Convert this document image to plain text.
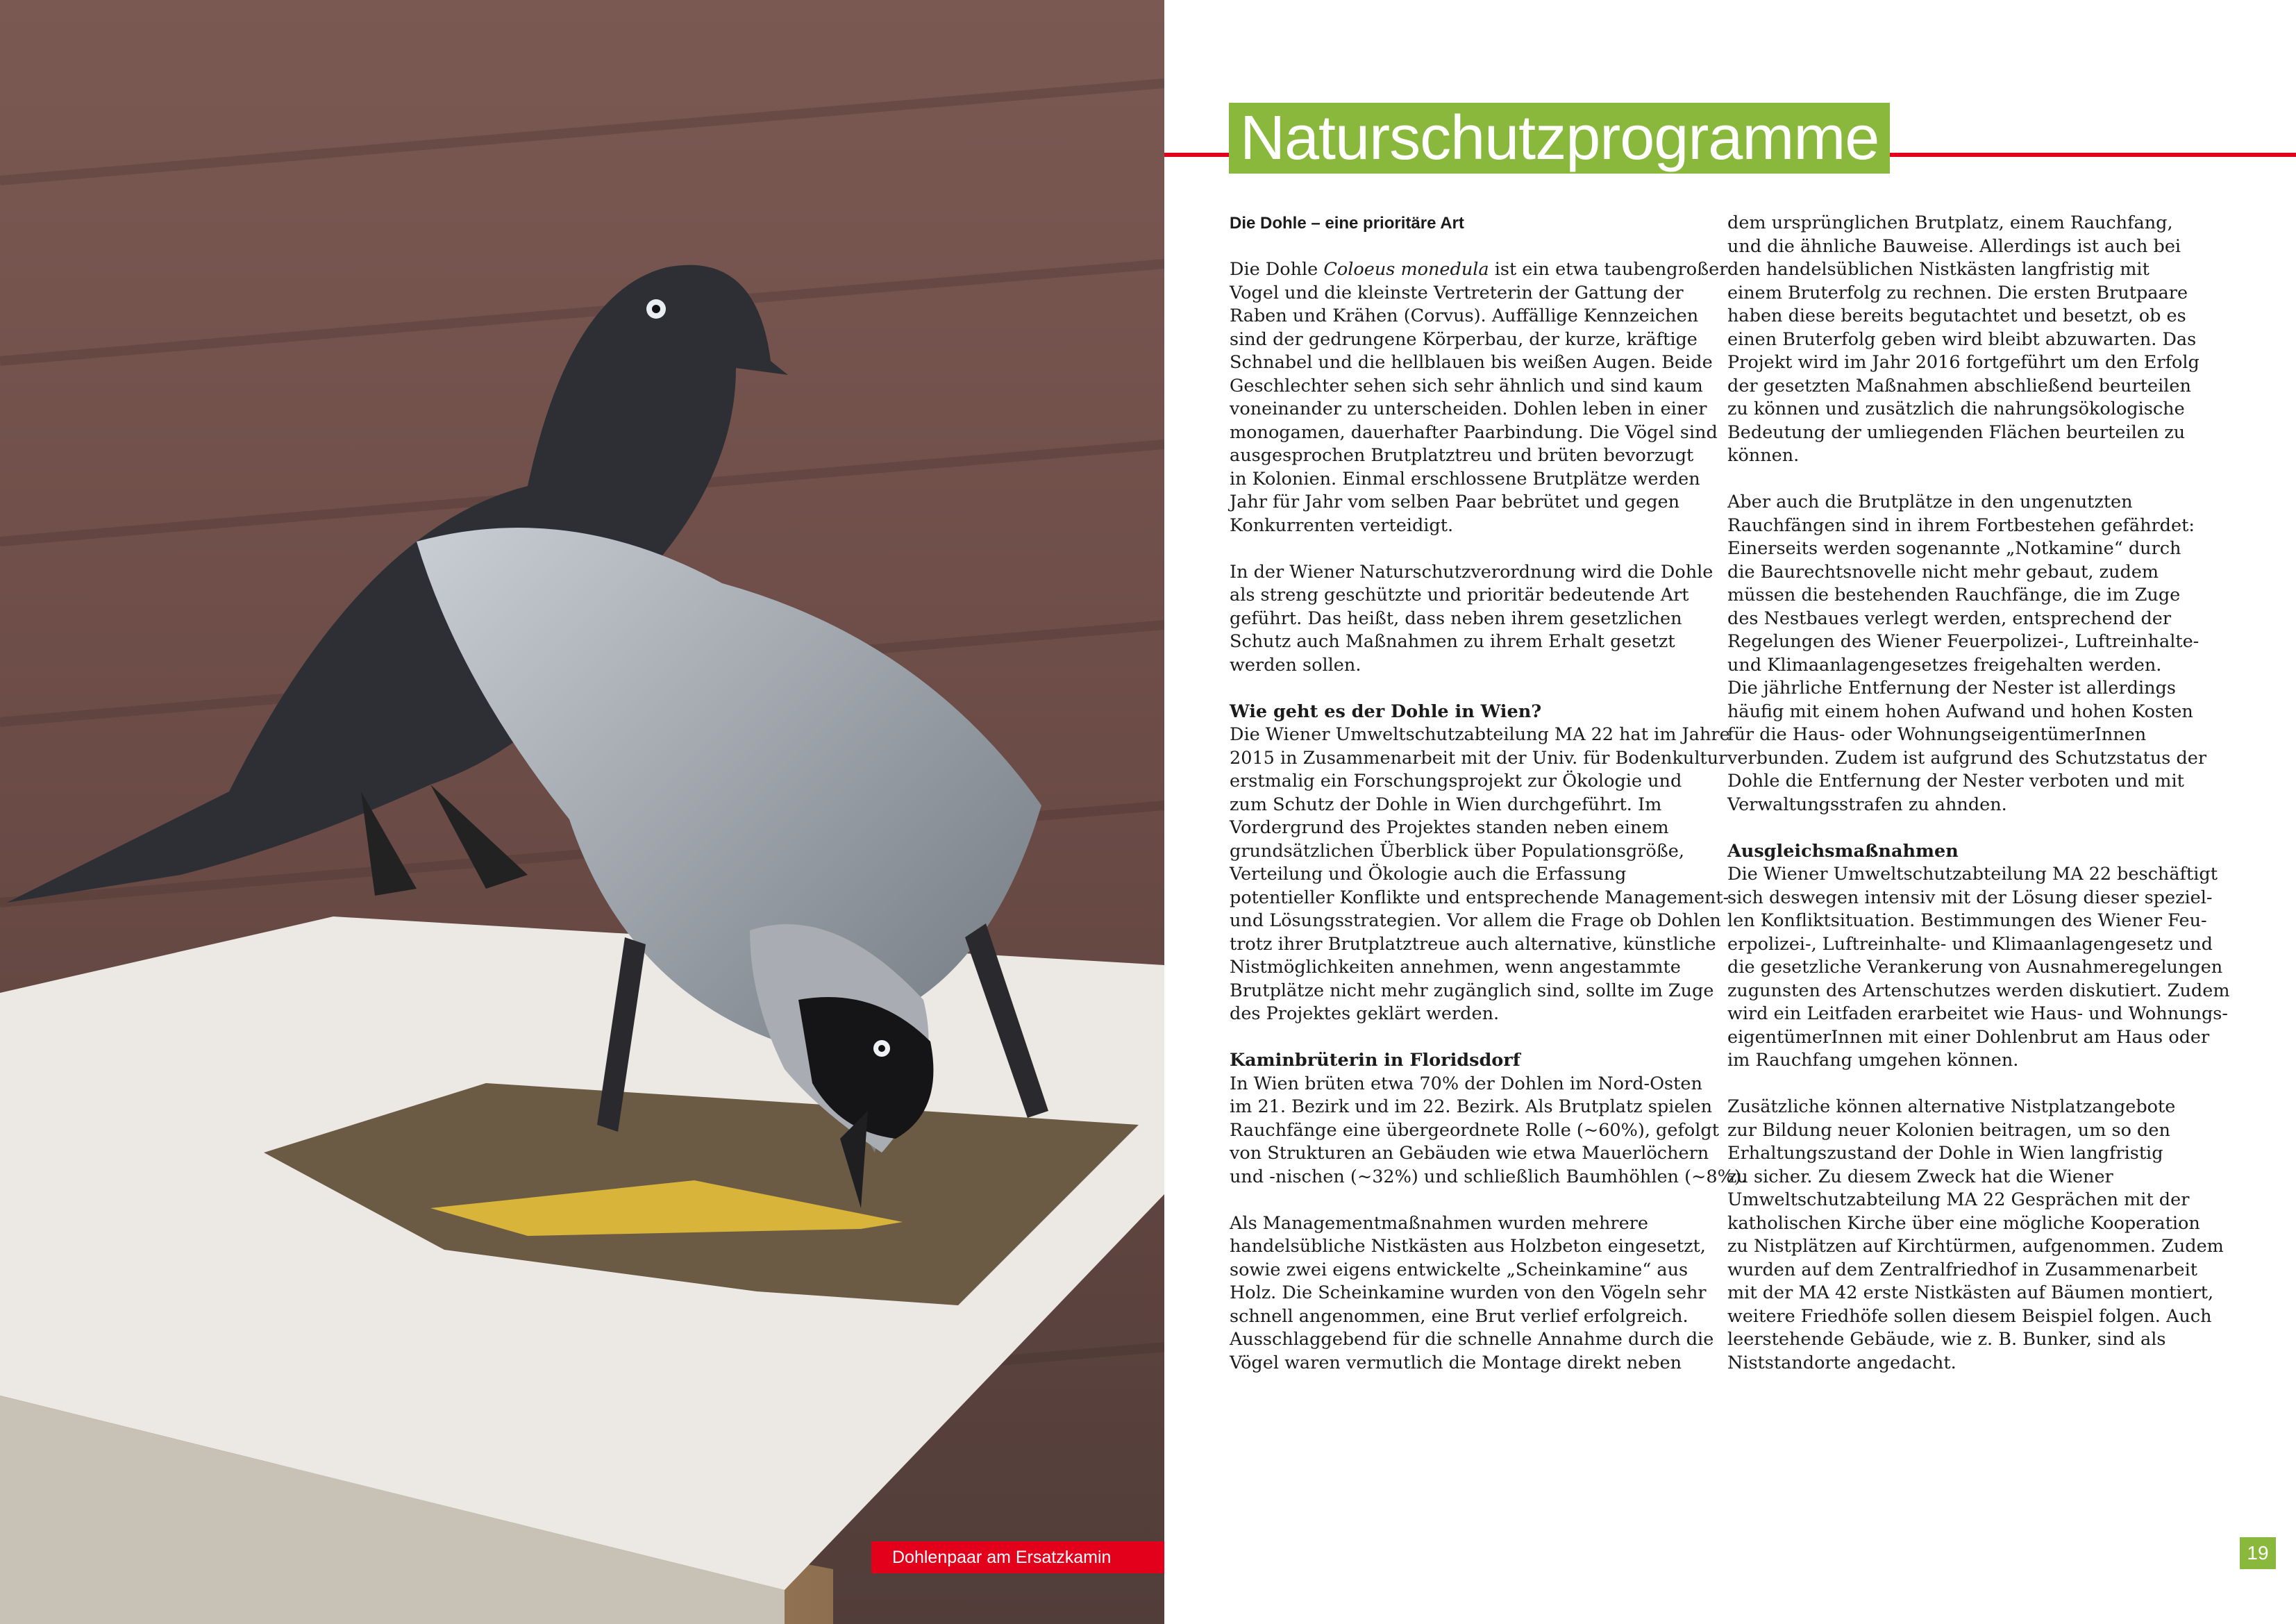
Dohlenpaar am Ersatzkamin
Naturschutzprogramme
Die Dohle – eine prioritäre Art

Die Dohle Coloeus monedula ist ein etwa taubengroßer
Vogel und die kleinste Vertreterin der Gattung der
Raben und Krähen (Corvus). Auffällige Kennzeichen
sind der gedrungene Körperbau, der kurze, kräftige
Schnabel und die hellblauen bis weißen Augen. Beide
Geschlechter sehen sich sehr ähnlich und sind kaum
voneinander zu unterscheiden. Dohlen leben in einer
monogamen, dauerhafter Paarbindung. Die Vögel sind
ausgesprochen Brutplatztreu und brüten bevorzugt
in Kolonien. Einmal erschlossene Brutplätze werden
Jahr für Jahr vom selben Paar bebrütet und gegen
Konkurrenten verteidigt.

In der Wiener Naturschutzverordnung wird die Dohle
als streng geschützte und prioritär bedeutende Art
geführt. Das heißt, dass neben ihrem gesetzlichen
Schutz auch Maßnahmen zu ihrem Erhalt gesetzt
werden sollen.

Wie geht es der Dohle in Wien?

Die Wiener Umweltschutzabteilung MA 22 hat im Jahre
2015 in Zusammenarbeit mit der Univ. für Bodenkultur
erstmalig ein Forschungsprojekt zur Ökologie und
zum Schutz der Dohle in Wien durchgeführt. Im
Vordergrund des Projektes standen neben einem
grundsätzlichen Überblick über Populationsgröße,
Verteilung und Ökologie auch die Erfassung
potentieller Konflikte und entsprechende Management-
und Lösungsstrategien. Vor allem die Frage ob Dohlen
trotz ihrer Brutplatztreue auch alternative, künstliche
Nistmöglichkeiten annehmen, wenn angestammte
Brutplätze nicht mehr zugänglich sind, sollte im Zuge
des Projektes geklärt werden.

Kaminbrüterin in Floridsdorf

In Wien brüten etwa 70% der Dohlen im Nord-Osten
im 21. Bezirk und im 22. Bezirk. Als Brutplatz spielen
Rauchfänge eine übergeordnete Rolle (~60%), gefolgt
von Strukturen an Gebäuden wie etwa Mauerlöchern
und -nischen (~32%) und schließlich Baumhöhlen (~8%).

Als Managementmaßnahmen wurden mehrere
handelsübliche Nistkästen aus Holzbeton eingesetzt,
sowie zwei eigens entwickelte „Scheinkamine“ aus
Holz. Die Scheinkamine wurden von den Vögeln sehr
schnell angenommen, eine Brut verlief erfolgreich.
Ausschlaggebend für die schnelle Annahme durch die
Vögel waren vermutlich die Montage direkt neben

dem ursprünglichen Brutplatz, einem Rauchfang,
und die ähnliche Bauweise. Allerdings ist auch bei
den handelsüblichen Nistkästen langfristig mit
einem Bruterfolg zu rechnen. Die ersten Brutpaare
haben diese bereits begutachtet und besetzt, ob es
einen Bruterfolg geben wird bleibt abzuwarten. Das
Projekt wird im Jahr 2016 fortgeführt um den Erfolg
der gesetzten Maßnahmen abschließend beurteilen
zu können und zusätzlich die nahrungsökologische
Bedeutung der umliegenden Flächen beurteilen zu
können.

Aber auch die Brutplätze in den ungenutzten
Rauchfängen sind in ihrem Fortbestehen gefährdet:
Einerseits werden sogenannte „Notkamine“ durch
die Baurechtsnovelle nicht mehr gebaut, zudem
müssen die bestehenden Rauchfänge, die im Zuge
des Nestbaues verlegt werden, entsprechend der
Regelungen des Wiener Feuerpolizei-, Luftreinhalte-
und Klimaanlagengesetzes freigehalten werden.
Die jährliche Entfernung der Nester ist allerdings
häufig mit einem hohen Aufwand und hohen Kosten
für die Haus- oder WohnungseigentümerInnen
verbunden. Zudem ist aufgrund des Schutzstatus der
Dohle die Entfernung der Nester verboten und mit
Verwaltungsstrafen zu ahnden.

Ausgleichsmaßnahmen

Die Wiener Umweltschutzabteilung MA 22 beschäftigt
sich deswegen intensiv mit der Lösung dieser speziel-
len Konfliktsituation. Bestimmungen des Wiener Feu-
erpolizei-, Luftreinhalte- und Klimaanlagengesetz und
die gesetzliche Verankerung von Ausnahmeregelungen
zugunsten des Artenschutzes werden diskutiert. Zudem
wird ein Leitfaden erarbeitet wie Haus- und Wohnungs-
eigentümerInnen mit einer Dohlenbrut am Haus oder
im Rauchfang umgehen können.

Zusätzliche können alternative Nistplatzangebote
zur Bildung neuer Kolonien beitragen, um so den
Erhaltungszustand der Dohle in Wien langfristig
zu sicher. Zu diesem Zweck hat die Wiener
Umweltschutzabteilung MA 22 Gesprächen mit der
katholischen Kirche über eine mögliche Kooperation
zu Nistplätzen auf Kirchtürmen, aufgenommen. Zudem
wurden auf dem Zentralfriedhof in Zusammenarbeit
mit der MA 42 erste Nistkästen auf Bäumen montiert,
weitere Friedhöfe sollen diesem Beispiel folgen. Auch
leerstehende Gebäude, wie z. B. Bunker, sind als
Niststandorte angedacht.

19
